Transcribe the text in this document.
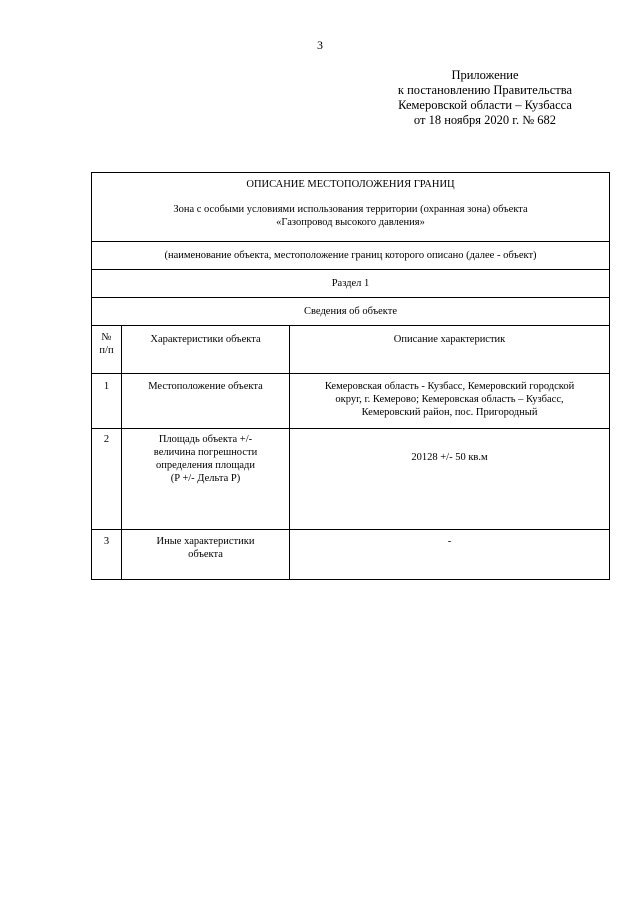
3
Приложение
к постановлению Правительства
Кемеровской области – Кузбасса
от 18 ноября 2020 г. № 682
ОПИСАНИЕ МЕСТОПОЛОЖЕНИЯ ГРАНИЦ
Зона с особыми условиями использования территории (охранная зона) объекта
«Газопровод высокого давления»		

(наименование объекта, местоположение границ которого описано (далее - объект)		
Раздел 1		
Сведения об объекте		

№
п/п	Характеристики объекта	Описание характеристик
1	Местоположение объекта	Кемеровская область - Кузбасс, Кемеровский городской
округ, г. Кемерово; Кемеровская область – Кузбасс,
Кемеровский район, пос. Пригородный

2	Площадь объекта +/-
величина погрешности
определения площади
(P +/- Дельта P)	20128 +/- 50 кв.м

3	Иные характеристики
объекта	-
